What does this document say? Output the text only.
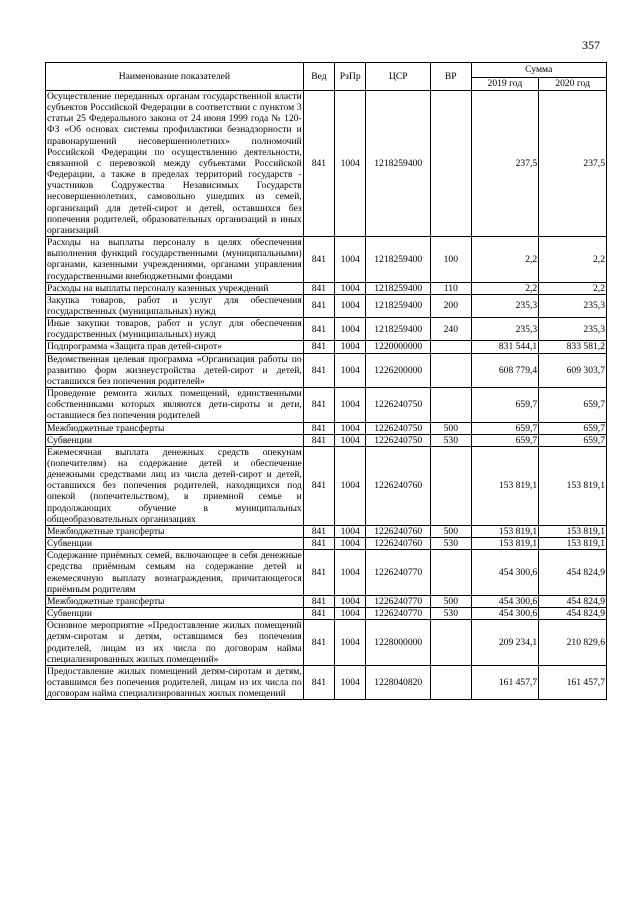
357
Наименование показателей	Вед	РзПр	ЦСР	ВР	Сумма	
					2019 год	2020 год
Осуществление переданных органам государственной власти субъектов Российской Федерации в соответствии с пунктом 3 статьи 25 Федерального закона от 24 июня 1999 года № 120-ФЗ «Об основах системы профилактики безнадзорности и правонарушений несовершеннолетних» полномочий Российской Федерации по осуществлению деятельности, связанной с перевозкой между субъектами Российской Федерации, а также в пределах территорий государств - участников Содружества Независимых Государств несовершеннолетних, самовольно ушедших из семей, организаций для детей-сирот и детей, оставшихся без попечения родителей, образовательных организаций и иных организаций	841	1004	1218259400		237,5	237,5
Расходы на выплаты персоналу в целях обеспечения выполнения функций государственными (муниципальными) органами, казенными учреждениями, органами управления государственными внебюджетными фондами	841	1004	1218259400	100	2,2	2,2
Расходы на выплаты персоналу казенных учреждений	841	1004	1218259400	110	2,2	2,2
Закупка товаров, работ и услуг для обеспечения государственных (муниципальных) нужд	841	1004	1218259400	200	235,3	235,3
Иные закупки товаров, работ и услуг для обеспечения государственных (муниципальных) нужд	841	1004	1218259400	240	235,3	235,3
Подпрограмма «Защита прав детей-сирот»	841	1004	1220000000		831 544,1	833 581,2
Ведомственная целевая программа «Организация работы по развитию форм жизнеустройства детей-сирот и детей, оставшихся без попечения родителей»	841	1004	1226200000		608 779,4	609 303,7
Проведение ремонта жилых помещений, единственными собственниками которых являются дети-сироты и дети, оставшиеся без попечения родителей	841	1004	1226240750		659,7	659,7
Межбюджетные трансферты	841	1004	1226240750	500	659,7	659,7
Субвенции	841	1004	1226240750	530	659,7	659,7
Ежемесячная выплата денежных средств опекунам (попечителям) на содержание детей и обеспечение денежными средствами лиц из числа детей-сирот и детей, оставшихся без попечения родителей, находящихся под опекой (попечительством), в приемной семье и продолжающих обучение в муниципальных общеобразовательных организациях	841	1004	1226240760		153 819,1	153 819,1
Межбюджетные трансферты	841	1004	1226240760	500	153 819,1	153 819,1
Субвенции	841	1004	1226240760	530	153 819,1	153 819,1
Содержание приёмных семей, включающее в себя денежные средства приёмным семьям на содержание детей и ежемесячную выплату вознаграждения, причитающегося приёмным родителям	841	1004	1226240770		454 300,6	454 824,9
Межбюджетные трансферты	841	1004	1226240770	500	454 300,6	454 824,9
Субвенции	841	1004	1226240770	530	454 300,6	454 824,9
Основное мероприятие «Предоставление жилых помещений детям-сиротам и детям, оставшимся без попечения родителей, лицам из их числа по договорам найма специализированных жилых помещений»	841	1004	1228000000		209 234,1	210 829,6
Предоставление жилых помещений детям-сиротам и детям, оставшимся без попечения родителей, лицам из их числа по договорам найма специализированных жилых помещений	841	1004	1228040820		161 457,7	161 457,7
